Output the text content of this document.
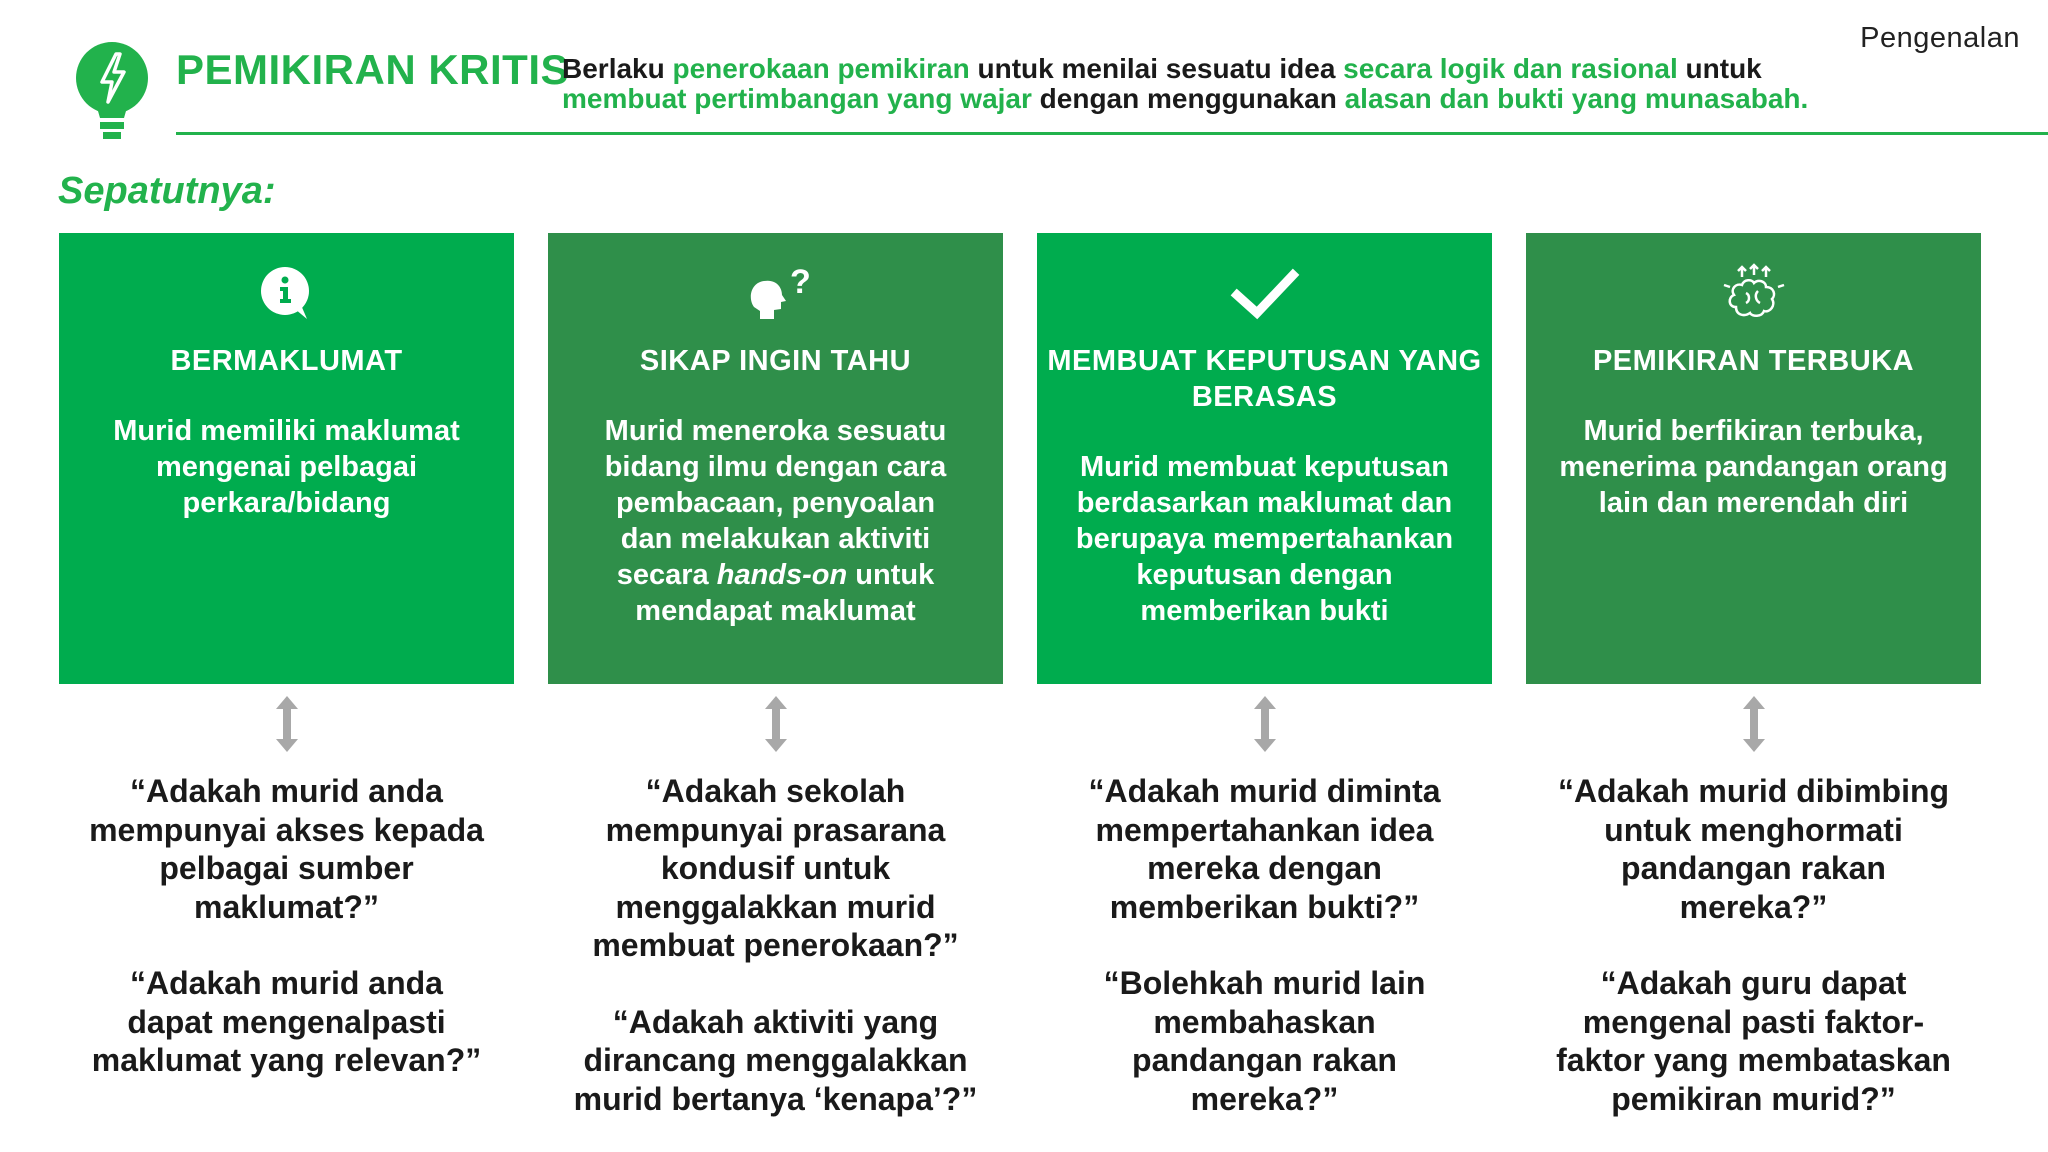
Pengenalan
PEMIKIRAN KRITIS
Berlaku penerokaan pemikiran untuk menilai sesuatu idea secara logik dan rasional untuk
membuat pertimbangan yang wajar dengan menggunakan alasan dan bukti yang munasabah.
Sepatutnya:
BERMAKLUMAT
Murid memiliki maklumat
mengenai pelbagai
perkara/bidang
?
SIKAP INGIN TAHU
Murid meneroka sesuatu
bidang ilmu dengan cara
pembacaan, penyoalan
dan melakukan aktiviti
secara hands-on untuk
mendapat maklumat
MEMBUAT KEPUTUSAN YANG
BERASAS
Murid membuat keputusan
berdasarkan maklumat dan
berupaya mempertahankan
keputusan dengan
memberikan bukti
PEMIKIRAN TERBUKA
Murid berfikiran terbuka,
menerima pandangan orang
lain dan merendah diri

“Adakah murid anda
mempunyai akses kepada
pelbagai sumber
maklumat?”

“Adakah murid anda
dapat mengenalpasti
maklumat yang relevan?”

“Adakah sekolah
mempunyai prasarana
kondusif untuk
menggalakkan murid
membuat penerokaan?”

“Adakah aktiviti yang
dirancang menggalakkan
murid bertanya ‘kenapa’?”

“Adakah murid diminta
mempertahankan idea
mereka dengan
memberikan bukti?”

“Bolehkah murid lain
membahaskan
pandangan rakan
mereka?”

“Adakah murid dibimbing
untuk menghormati
pandangan rakan
mereka?”

“Adakah guru dapat
mengenal pasti faktor-
faktor yang membataskan
pemikiran murid?”
